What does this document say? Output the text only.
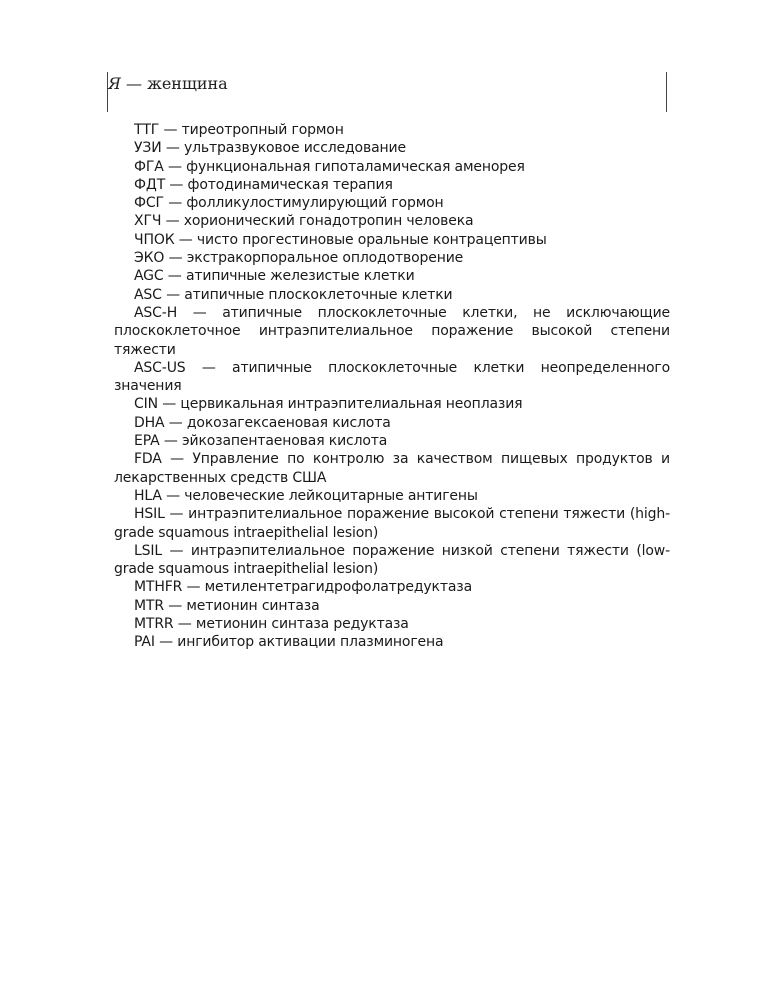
Я — женщина
ТТГ — тиреотропный гормон
УЗИ — ультразвуковое исследование
ФГА — функциональная гипоталамическая аменорея
ФДТ — фотодинамическая терапия
ФСГ — фолликулостимулирующий гормон
ХГЧ — хорионический гонадотропин человека
ЧПОК — чисто прогестиновые оральные контрацептивы
ЭКО — экстракорпоральное оплодотворение
AGC — атипичные железистые клетки
ASC — атипичные плоскоклеточные клетки
ASC-H — атипичные плоскоклеточные клетки, не исключающие плоскоклеточное интраэпителиальное поражение высокой степени тяжести
ASC-US — атипичные плоскоклеточные клетки неопределенного значения
CIN — цервикальная интраэпителиальная неоплазия
DHA — докозагексаеновая кислота
EPA — эйкозапентаеновая кислота
FDA — Управление по контролю за качеством пищевых продуктов и лекарственных средств США
HLA — человеческие лейкоцитарные антигены
HSIL — интраэпителиальное поражение высокой степени тяжести (high-grade squamous intraepithelial lesion)
LSIL — интраэпителиальное поражение низкой степени тяжести (low-grade squamous intraepithelial lesion)
MTHFR — метилентетрагидрофолатредуктаза
MTR — метионин синтаза
MTRR — метионин синтаза редуктаза
PAI — ингибитор активации плазминогена
